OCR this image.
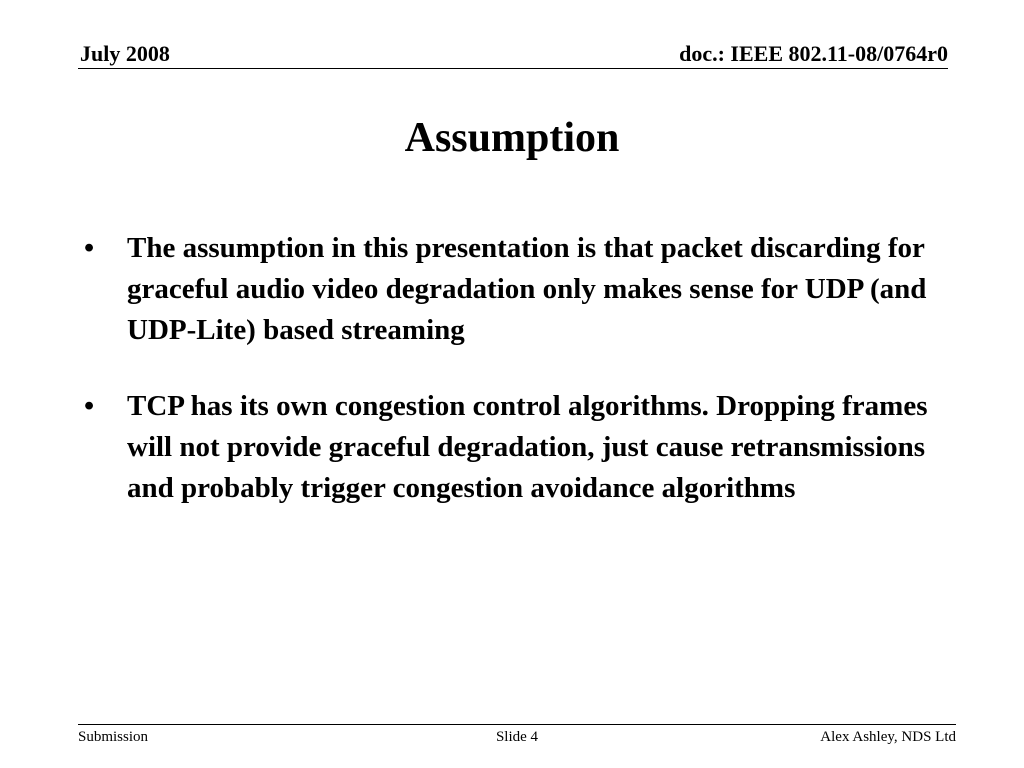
July 2008	doc.: IEEE 802.11-08/0764r0
Assumption
• The assumption in this presentation is that packet discarding for graceful audio video degradation only makes sense for UDP (and UDP-Lite) based streaming
• TCP has its own congestion control algorithms. Dropping frames will not provide graceful degradation, just cause retransmissions and probably trigger congestion avoidance algorithms
Submission	Slide 4	Alex Ashley, NDS Ltd
